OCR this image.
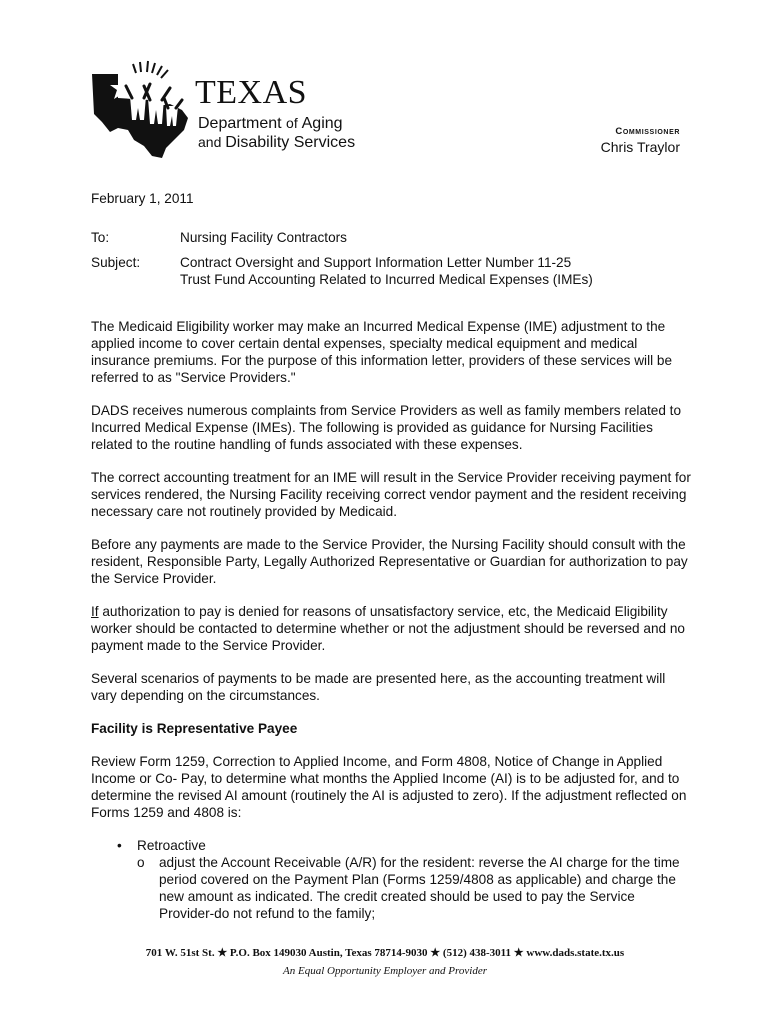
TEXAS
Department of Aging
and Disability Services
Commissioner
Chris Traylor
February 1, 2011
To:	Nursing Facility Contractors
Subject:	Contract Oversight and Support Information Letter Number 11-25
Trust Fund Accounting Related to Incurred Medical Expenses (IMEs)

The Medicaid Eligibility worker may make an Incurred Medical Expense (IME) adjustment to the applied income to cover certain dental expenses, specialty medical equipment and medical insurance premiums. For the purpose of this information letter, providers of these services will be referred to as "Service Providers."

DADS receives numerous complaints from Service Providers as well as family members related to Incurred Medical Expense (IMEs). The following is provided as guidance for Nursing Facilities related to the routine handling of funds associated with these expenses.

The correct accounting treatment for an IME will result in the Service Provider receiving payment for services rendered, the Nursing Facility receiving correct vendor payment and the resident receiving necessary care not routinely provided by Medicaid.

Before any payments are made to the Service Provider, the Nursing Facility should consult with the resident, Responsible Party, Legally Authorized Representative or Guardian for authorization to pay the Service Provider.

If authorization to pay is denied for reasons of unsatisfactory service, etc, the Medicaid Eligibility worker should be contacted to determine whether or not the adjustment should be reversed and no payment made to the Service Provider.

Several scenarios of payments to be made are presented here, as the accounting treatment will vary depending on the circumstances.

Facility is Representative Payee

Review Form 1259, Correction to Applied Income, and Form 4808, Notice of Change in Applied Income or Co- Pay, to determine what months the Applied Income (AI) is to be adjusted for, and to determine the revised AI amount (routinely the AI is adjusted to zero). If the adjustment reflected on Forms 1259 and 4808 is:

• Retroactive
o adjust the Account Receivable (A/R) for the resident: reverse the AI charge for the time period covered on the Payment Plan (Forms 1259/4808 as applicable) and charge the new amount as indicated. The credit created should be used to pay the Service Provider-do not refund to the family;
701 W. 51st St. ★ P.O. Box 149030 Austin, Texas 78714-9030 ★ (512) 438-3011 ★ www.dads.state.tx.us
An Equal Opportunity Employer and Provider
